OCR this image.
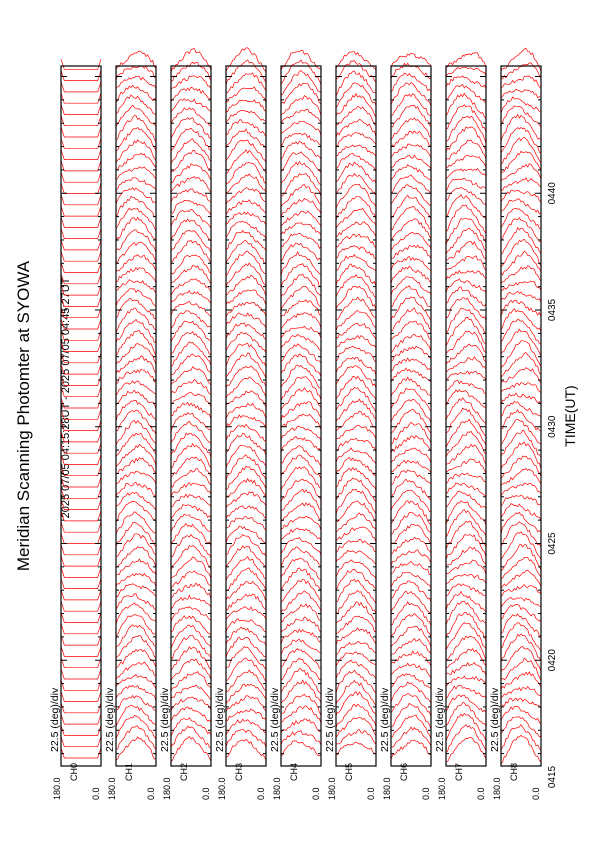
Meridian Scanning Photomter at SYOWA 2025 07/05 04:15:28UT - 2025 07/05 04:45:27UT	TIME(UT)
0415
0420
0425
0430
0435
0440
22.5 (deg)/div
180.0	0.0
CH0
22.5 (deg)/div
180.0	0.0
CH1
22.5 (deg)/div
180.0	0.0
CH2
22.5 (deg)/div
180.0	0.0
CH3
22.5 (deg)/div
180.0	0.0
CH4
22.5 (deg)/div
180.0	0.0
CH5
22.5 (deg)/div
180.0	0.0
CH6
22.5 (deg)/div
180.0	0.0
CH7
22.5 (deg)/div
180.0	0.0
CH8
